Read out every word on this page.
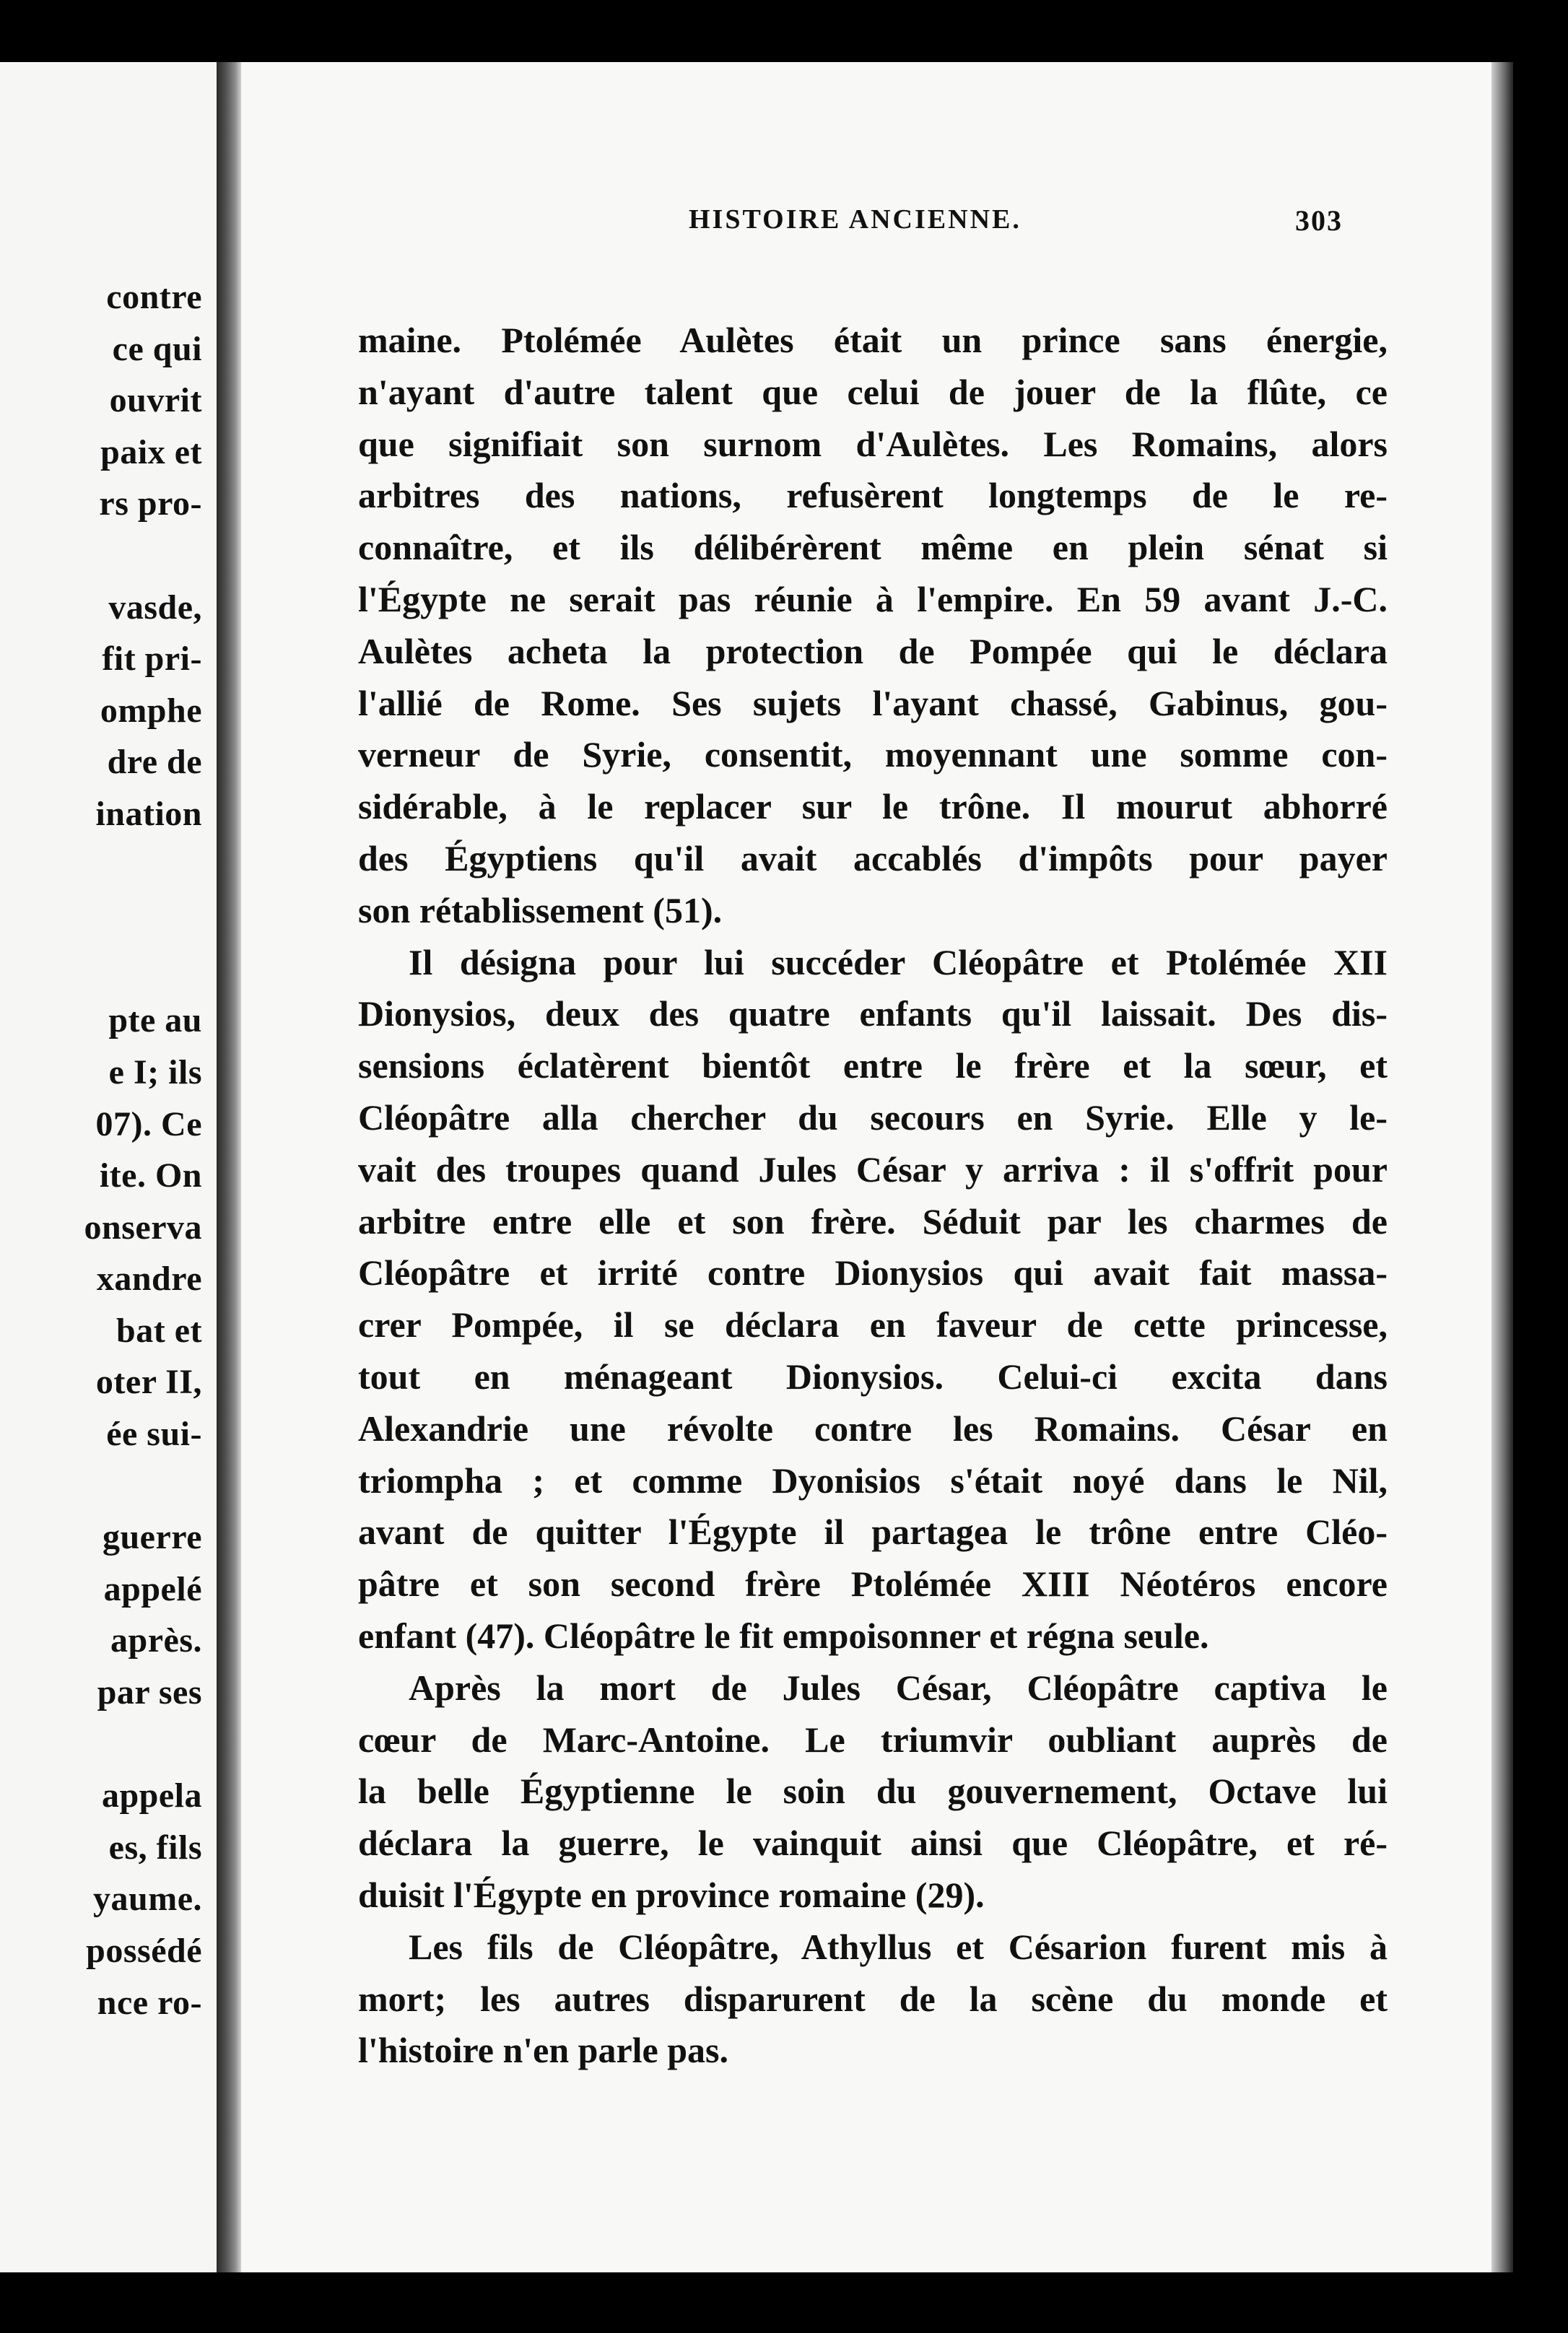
contre
ce qui
ouvrit
paix et
rs pro-
vasde,
fit pri-
omphe
dre de
ination
pte au
e I; ils
07). Ce
ite. On
onserva
xandre
bat et
oter II,
ée sui-
guerre
appelé
après.
par ses
appela
es, fils
yaume.
possédé
nce ro-
HISTOIRE ANCIENNE.	303
maine. Ptolémée Aulètes était un prince sans énergie,
n'ayant d'autre talent que celui de jouer de la flûte, ce
que signifiait son surnom d'Aulètes. Les Romains, alors
arbitres des nations, refusèrent longtemps de le re-
connaître, et ils délibérèrent même en plein sénat si
l'Égypte ne serait pas réunie à l'empire. En 59 avant J.-C.
Aulètes acheta la protection de Pompée qui le déclara
l'allié de Rome. Ses sujets l'ayant chassé, Gabinus, gou-
verneur de Syrie, consentit, moyennant une somme con-
sidérable, à le replacer sur le trône. Il mourut abhorré
des Égyptiens qu'il avait accablés d'impôts pour payer
son rétablissement (51).
Il désigna pour lui succéder Cléopâtre et Ptolémée XII
Dionysios, deux des quatre enfants qu'il laissait. Des dis-
sensions éclatèrent bientôt entre le frère et la sœur, et
Cléopâtre alla chercher du secours en Syrie. Elle y le-
vait des troupes quand Jules César y arriva : il s'offrit pour
arbitre entre elle et son frère. Séduit par les charmes de
Cléopâtre et irrité contre Dionysios qui avait fait massa-
crer Pompée, il se déclara en faveur de cette princesse,
tout en ménageant Dionysios. Celui-ci excita dans
Alexandrie une révolte contre les Romains. César en
triompha ; et comme Dyonisios s'était noyé dans le Nil,
avant de quitter l'Égypte il partagea le trône entre Cléo-
pâtre et son second frère Ptolémée XIII Néotéros encore
enfant (47). Cléopâtre le fit empoisonner et régna seule.
Après la mort de Jules César, Cléopâtre captiva le
cœur de Marc-Antoine. Le triumvir oubliant auprès de
la belle Égyptienne le soin du gouvernement, Octave lui
déclara la guerre, le vainquit ainsi que Cléopâtre, et ré-
duisit l'Égypte en province romaine (29).
Les fils de Cléopâtre, Athyllus et Césarion furent mis à
mort; les autres disparurent de la scène du monde et
l'histoire n'en parle pas.
